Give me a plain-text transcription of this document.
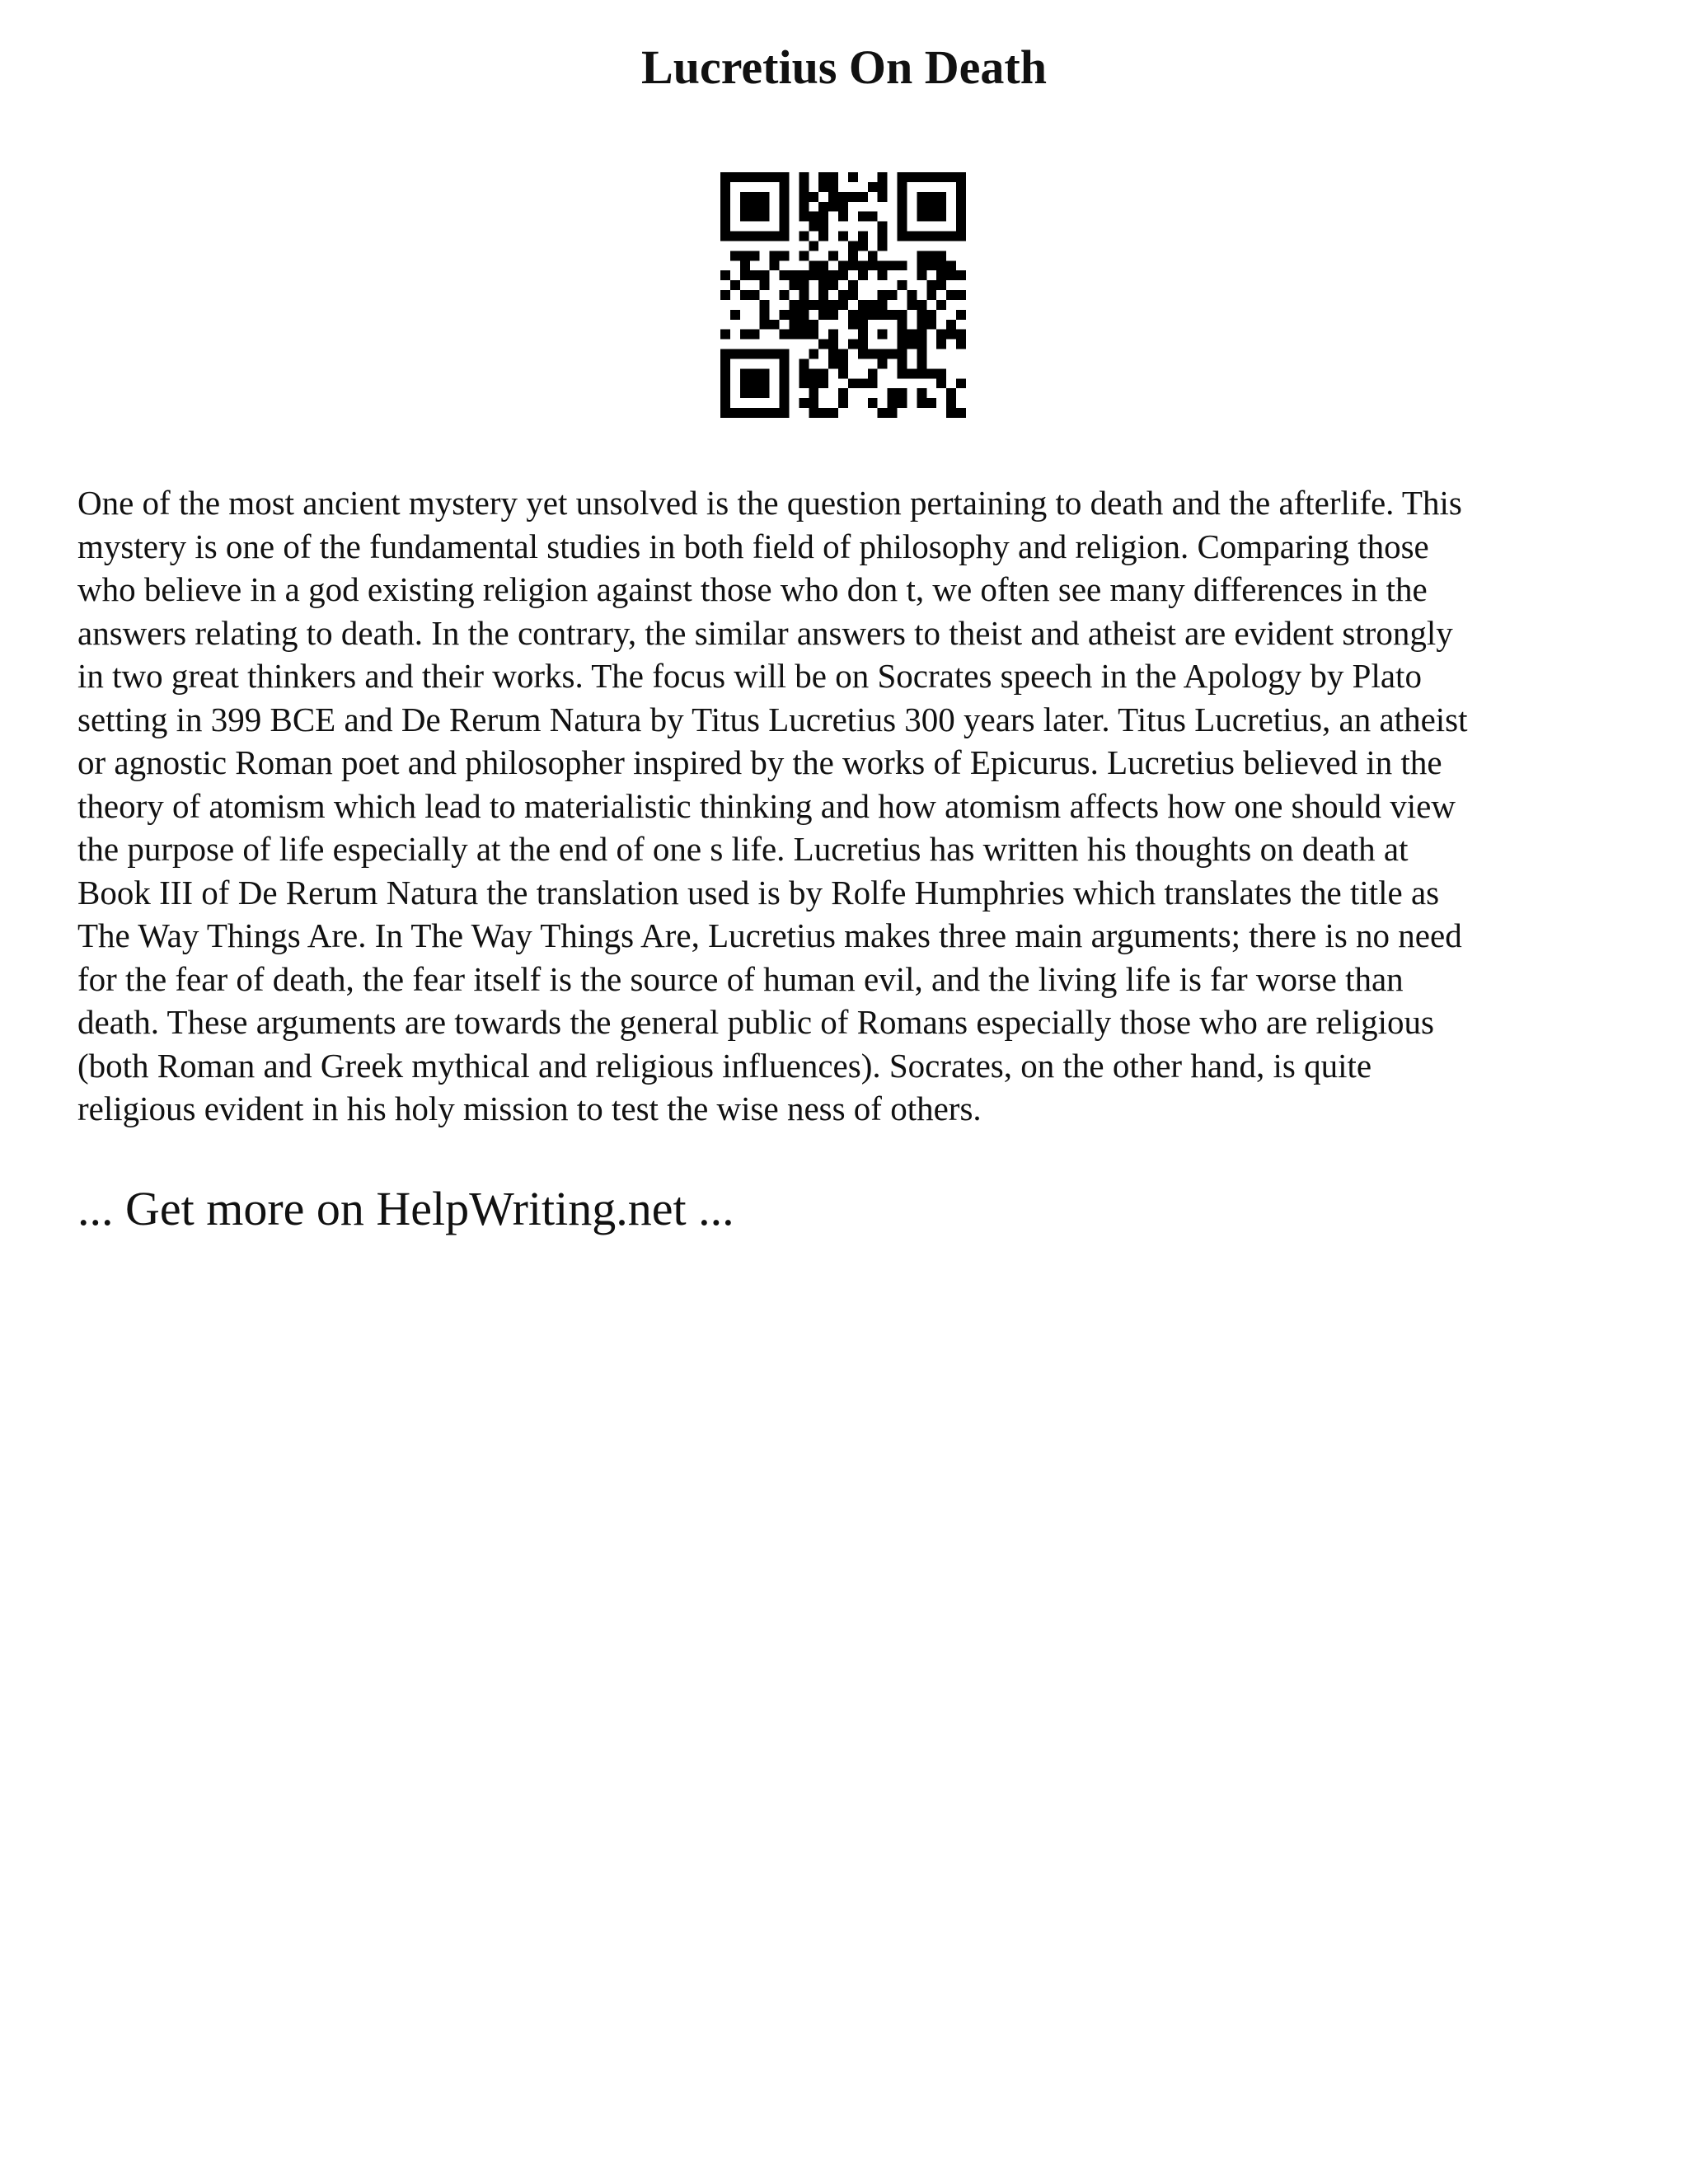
Lucretius On Death

One of the most ancient mystery yet unsolved is the question pertaining to death and the afterlife. This
mystery is one of the fundamental studies in both field of philosophy and religion. Comparing those
who believe in a god existing religion against those who don t, we often see many differences in the
answers relating to death. In the contrary, the similar answers to theist and atheist are evident strongly
in two great thinkers and their works. The focus will be on Socrates speech in the Apology by Plato
setting in 399 BCE and De Rerum Natura by Titus Lucretius 300 years later. Titus Lucretius, an atheist
or agnostic Roman poet and philosopher inspired by the works of Epicurus. Lucretius believed in the
theory of atomism which lead to materialistic thinking and how atomism affects how one should view
the purpose of life especially at the end of one s life. Lucretius has written his thoughts on death at
Book III of De Rerum Natura the translation used is by Rolfe Humphries which translates the title as
The Way Things Are. In The Way Things Are, Lucretius makes three main arguments; there is no need
for the fear of death, the fear itself is the source of human evil, and the living life is far worse than
death. These arguments are towards the general public of Romans especially those who are religious
(both Roman and Greek mythical and religious influences). Socrates, on the other hand, is quite
religious evident in his holy mission to test the wise ness of others.

... Get more on HelpWriting.net ...
